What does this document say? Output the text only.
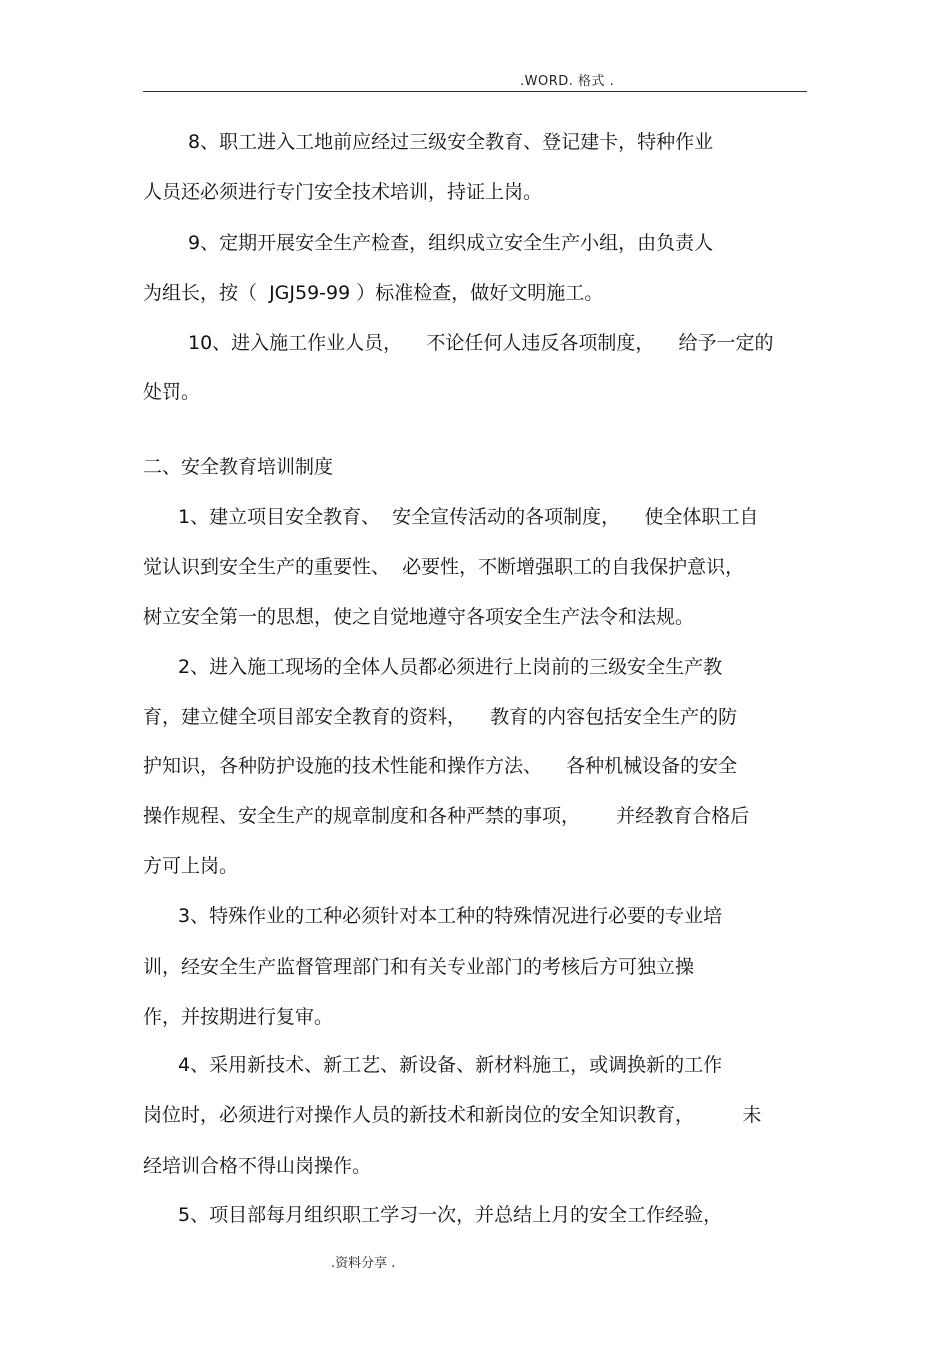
.WORD. 格式 .
8、职工进入工地前应经过三级安全教育、登记建卡，特种作业
人员还必须进行专门安全技术培训，持证上岗。
9、定期开展安全生产检查，组织成立安全生产小组，由负责人
为组长，按（  JGJ59-99 ）标准检查，做好文明施工。
10、进入施工作业人员，    不论任何人违反各项制度，    给予一定的
处罚。
二、安全教育培训制度
1、建立项目安全教育、  安全宣传活动的各项制度，    使全体职工自
觉认识到安全生产的重要性、  必要性，不断增强职工的自我保护意识，
树立安全第一的思想，使之自觉地遵守各项安全生产法令和法规。
2、进入施工现场的全体人员都必须进行上岗前的三级安全生产教
育，建立健全项目部安全教育的资料，    教育的内容包括安全生产的防
护知识，各种防护设施的技术性能和操作方法、    各种机械设备的安全
操作规程、安全生产的规章制度和各种严禁的事项，      并经教育合格后
方可上岗。
3、特殊作业的工种必须针对本工种的特殊情况进行必要的专业培
训，经安全生产监督管理部门和有关专业部门的考核后方可独立操
作，并按期进行复审。
4、采用新技术、新工艺、新设备、新材料施工，或调换新的工作
岗位时，必须进行对操作人员的新技术和新岗位的安全知识教育，        未
经培训合格不得山岗操作。
5、项目部每月组织职工学习一次，并总结上月的安全工作经验，
.资料分享 .
